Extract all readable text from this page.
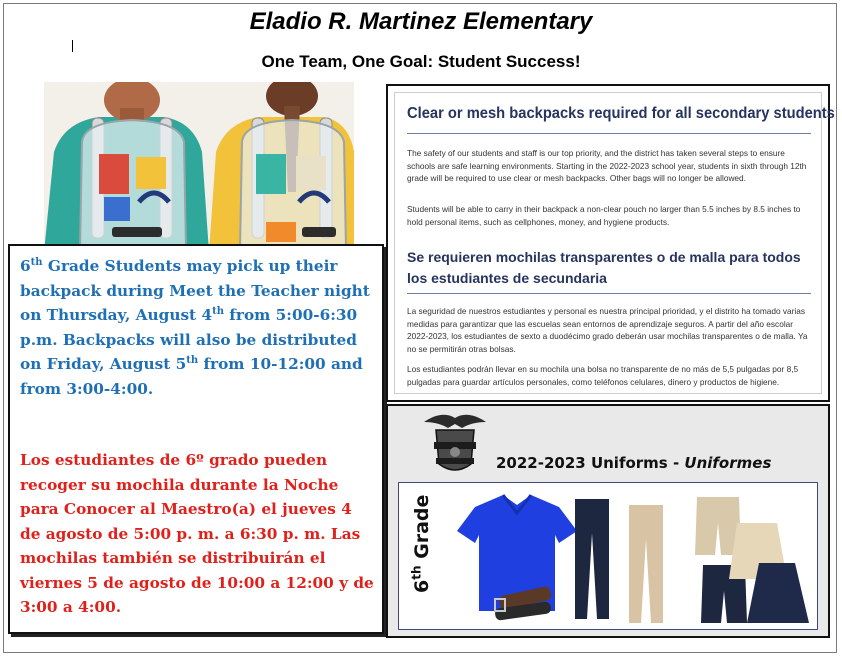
Eladio R. Martinez Elementary
One Team, One Goal: Student Success!
6th Grade Students may pick up their backpack during Meet the Teacher night on Thursday, August 4th from 5:00-6:30 p.m. Backpacks will also be distributed on Friday, August 5th from 10-12:00 and from 3:00-4:00.
Los estudiantes de 6º grado pueden recoger su mochila durante la Noche para Conocer al Maestro(a) el jueves 4 de agosto de 5:00 p. m. a 6:30 p. m. Las mochilas también se distribuirán el viernes 5 de agosto de 10:00 a 12:00 y de 3:00 a 4:00.
Clear or mesh backpacks required for all secondary students
The safety of our students and staff is our top priority, and the district has taken several steps to ensure schools are safe learning environments. Starting in the 2022-2023 school year, students in sixth through 12th grade will be required to use clear or mesh backpacks. Other bags will no longer be allowed.
Students will be able to carry in their backpack a non-clear pouch no larger than 5.5 inches by 8.5 inches to hold personal items, such as cellphones, money, and hygiene products.
Se requieren mochilas transparentes o de malla para todos los estudiantes de secundaria
La seguridad de nuestros estudiantes y personal es nuestra principal prioridad, y el distrito ha tomado varias medidas para garantizar que las escuelas sean entornos de aprendizaje seguros. A partir del año escolar 2022-2023, los estudiantes de sexto a duodécimo grado deberán usar mochilas transparentes o de malla. Ya no se permitirán otras bolsas.
Los estudiantes podrán llevar en su mochila una bolsa no transparente de no más de 5,5 pulgadas por 8,5 pulgadas para guardar artículos personales, como teléfonos celulares, dinero y productos de higiene.
2022-2023 Uniforms - Uniformes
6th Grade
